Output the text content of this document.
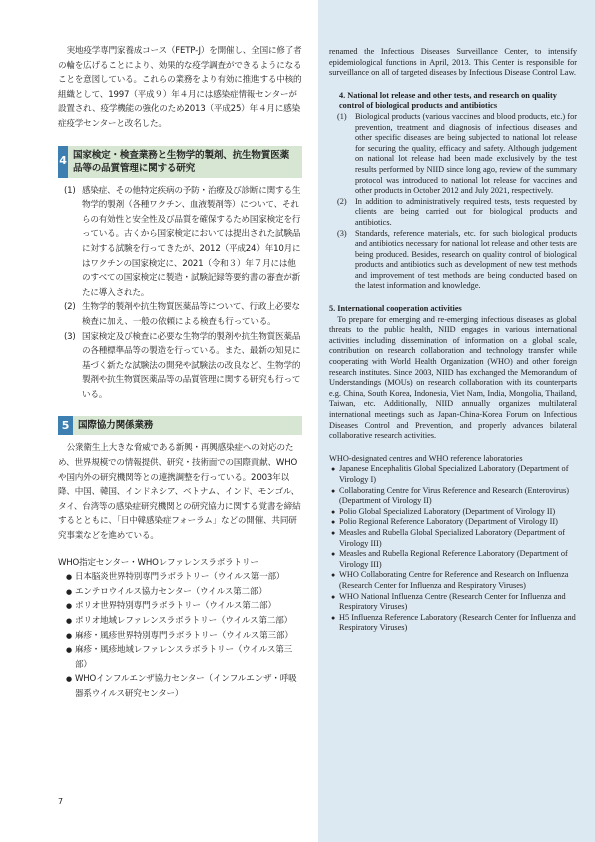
実地疫学専門家養成コース（FETP-J）を開催し、全国に修了者の輪を広げることにより、効果的な疫学調査ができるようになることを意図している。これらの業務をより有効に推進する中核的組織として、1997（平成９）年４月には感染症情報センターが設置され、疫学機能の強化のため2013（平成25）年４月に感染症疫学センターと改名した。

4 国家検定・検査業務と生物学的製剤、抗生物質医薬品等の品質管理に関する研究
(1) 感染症、その他特定疾病の予防・治療及び診断に関する生物学的製剤（各種ワクチン、血液製剤等）について、それらの有効性と安全性及び品質を確保するため国家検定を行っている。古くから国家検定においては提出された試験品に対する試験を行ってきたが、2012（平成24）年10月にはワクチンの国家検定に、2021（令和３）年７月には他のすべての国家検定に製造・試験記録等要約書の審査が新たに導入された。
(2) 生物学的製剤や抗生物質医薬品等について、行政上必要な検査に加え、一般の依頼による検査も行っている。
(3) 国家検定及び検査に必要な生物学的製剤や抗生物質医薬品の各種標準品等の製造を行っている。また、最新の知見に基づく新たな試験法の開発や試験法の改良など、生物学的製剤や抗生物質医薬品等の品質管理に関する研究も行っている。
5 国際協力関係業務

公衆衛生上大きな脅威である新興・再興感染症への対応のため、世界規模での情報提供、研究・技術面での国際貢献、WHOや国内外の研究機関等との連携調整を行っている。2003年以降、中国、韓国、インドネシア、ベトナム、インド、モンゴル、タイ、台湾等の感染症研究機関との研究協力に関する覚書を締結するとともに、「日中韓感染症フォーラム」などの開催、共同研究事業などを進めている。

WHO指定センター・WHOレファレンスラボラトリー

● 日本脳炎世界特別専門ラボラトリー（ウイルス第一部）
● エンテロウイルス協力センター（ウイルス第二部）
● ポリオ世界特別専門ラボラトリー（ウイルス第二部）
● ポリオ地域レファレンスラボラトリー（ウイルス第二部）
● 麻疹・風疹世界特別専門ラボラトリー（ウイルス第三部）
● 麻疹・風疹地域レファレンスラボラトリー（ウイルス第三部）
● WHOインフルエンザ協力センター（インフルエンザ・呼吸器系ウイルス研究センター）
7

renamed the Infectious Diseases Surveillance Center, to intensify epidemiological functions in April, 2013. This Center is responsible for surveillance on all of targeted diseases by Infectious Disease Control Law.

4. National lot release and other tests, and research on quality control of biological products and antibiotics

(1)	Biological products (various vaccines and blood products, etc.) for prevention, treatment and diagnosis of infectious diseases and other specific diseases are being subjected to national lot release for securing the quality, efficacy and safety. Although judgement on national lot release had been made exclusively by the test results performed by NIID since long ago, review of the summary protocol was introduced to national lot release for vaccines and other products in October 2012 and July 2021, respectively.
(2)	In addition to administratively required tests, tests requested by clients are being carried out for biological products and antibiotics.
(3)	Standards, reference materials, etc. for such biological products and antibiotics necessary for national lot release and other tests are being produced. Besides, research on quality control of biological products and antibiotics such as development of new test methods and improvement of test methods are being conducted based on the latest information and knowledge.

5. International cooperation activities

To prepare for emerging and re-emerging infectious diseases as global threats to the public health, NIID engages in various international activities including dissemination of information on a global scale, contribution on research collaboration and technology transfer while cooperating with World Health Organization (WHO) and other foreign research institutes. Since 2003, NIID has exchanged the Memorandum of Understandings (MOUs) on research collaboration with its counterparts e.g. China, South Korea, Indonesia, Viet Nam, India, Mongolia, Thailand, Taiwan, etc. Additionally, NIID annually organizes multilateral international meetings such as Japan-China-Korea Forum on Infectious Diseases Control and Prevention, and properly advances bilateral collaborative research activities.

WHO-designated centres and WHO reference laboratories

● Japanese Encephalitis Global Specialized Laboratory (Department of Virology I)
● Collaborating Centre for Virus Reference and Research (Enterovirus) (Department of Virology II)
● Polio Global Specialized Laboratory (Department of Virology II)
● Polio Regional Reference Laboratory (Department of Virology II)
● Measles and Rubella Global Specialized Laboratory (Department of Virology III)
● Measles and Rubella Regional Reference Laboratory (Department of Virology III)
● WHO Collaborating Centre for Reference and Research on Influenza (Research Center for Influenza and Respiratory Viruses)
● WHO National Influenza Centre (Research Center for Influenza and Respiratory Viruses)
● H5 Influenza Reference Laboratory (Research Center for Influenza and Respiratory Viruses)
